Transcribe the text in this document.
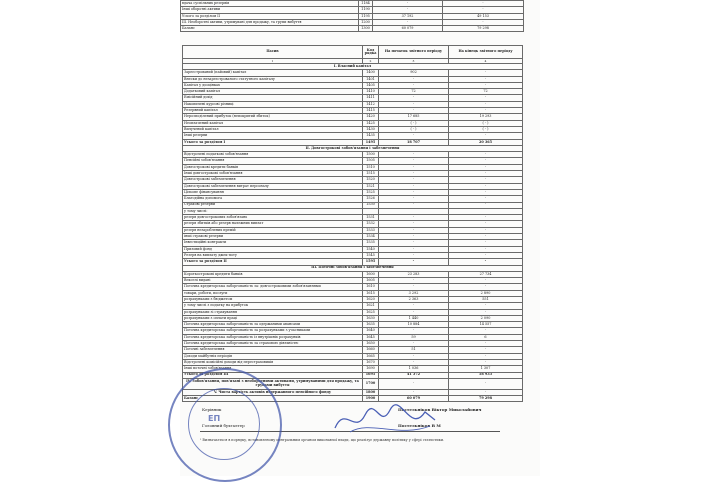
вдача суспільних резервів	1184	-	-
Інші оборотні активи	1190	-	-
Усього за розділом II	1195	37 192	49 153
III. Необоротні активи, утримувані для продажу, та групи вибуття	1200	-	-
Баланс	1300	60 079	79 298
Пасив	Код рядка	На початок звітного періоду	На кінець звітного періоду
1	2	3	4
I. Власний капітал			
Зареєстрований (пайовий) капітал	1400	902	-
Внески до незареєстрованого статутного капіталу	1401	-	-
Капітал у дооцінках	1405	-	-
Додатковий капітал	1410	72	72
Емісійний дохід	1411	-	-
Накопичені курсові різниці	1412	-	-
Резервний капітал	1415	-	-
Нерозподілений прибуток (непокритий збиток)	1420	17 685	19 293
Неоплачений капітал	1425	( - )	( - )
Вилучений капітал	1430	( - )	( - )
Інші резерви	1435	-	-
Усього за розділом I	1495	18 707	20 365
II. Довгострокові зобов'язання і забезпечення			
Відстрочені податкові зобов'язання	1500	-	-
Пенсійні зобов'язання	1505	-	-
Довгострокові кредити банків	1510	-	-
Інші довгострокові зобов'язання	1515	-	-
Довгострокові забезпечення	1520	-	-
Довгострокові забезпечення витрат персоналу	1521	-	-
Цільове фінансування	1525	-	-
Благодійна допомога	1526	-	-
Страхові резерви	1530	-	-
у тому числі:			
резерв довгострокових зобов'язань	1531	-	-
резерв збитків або резерв належних виплат	1532	-	-
резерв незароблених премій	1533	-	-
інші страхові резерви	1534	-	-
Інвестиційні контракти	1535	-	-
Призовий фонд	1540	-	-
Резерв на виплату джек-поту	1545	-	-
Усього за розділом II	1595	-	-
III. Поточні зобов'язання і забезпечення			
Короткострокові кредити банків	1600	23 283	27 734
Векселі видані	1605	-	-
Поточна кредиторська заборгованість за: довгостроковими зобов'язаннями	1610	-	-
товари, роботи, послуги	1615	3 292	2 890
розрахунками з бюджетом	1620	2 363	551
у тому числі з податку на прибуток	1621	-	-
розрахунками зі страхування	1625	-	-
розрахунками з оплати праці	1630	1 440	2 090
Поточна кредиторська заборгованість за одержаними авансами	1635	10 884	14 557
Поточна кредиторська заборгованість за розрахунками з учасниками	1640	-	-
Поточна кредиторська заборгованість із внутрішніх розрахунків	1645	59	6
Поточна кредиторська заборгованість за страховою діяльністю	1650	-	-
Поточні забезпечення	1660	51	-
Доходи майбутніх періодів	1665	-	-
Відстрочені комісійні доходи від перестраховиків	1670	-	-
Інші поточні зобов'язання	1690	1 036	1 307
Усього за розділом III	1695	41 372	58 933
IV. Зобов'язання, пов'язані з необоротними активами, утримуваними для продажу, та групами вибуття	1700	-	-
V. Чиста вартість активів недержавного пенсійного фонду	1800	-	-
Баланс	1900	60 079	79 298
Керівник	Постельніков Віктор Миколайович
Головний бухгалтер	Постельніков В М
¹ Визначається в порядку, встановленому центральним органом виконавчої влади, що реалізує державну політику у сфері статистики.
ЕП
